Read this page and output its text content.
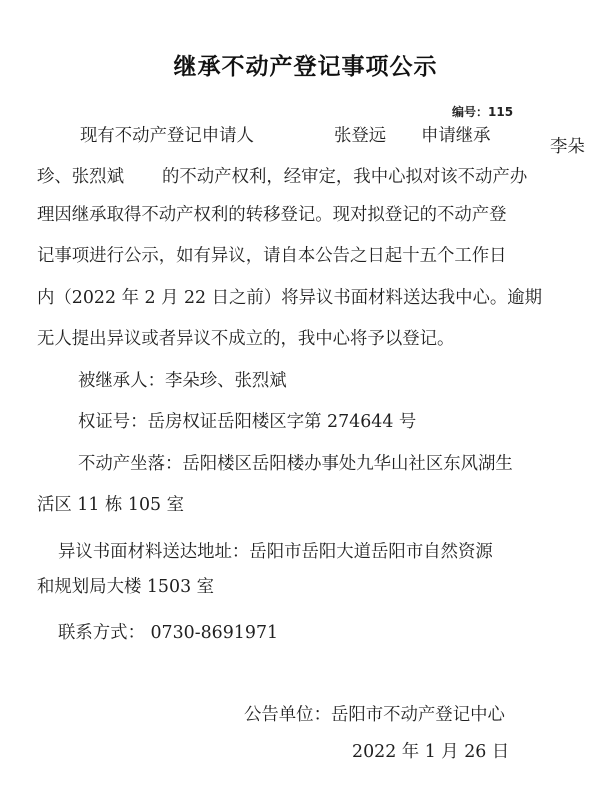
继承不动产登记事项公示
编号：115
现有不动产登记申请人	张登远 申请继承
李朵
珍、张烈斌 的不动产权利，经审定，我中心拟对该不动产办
理因继承取得不动产权利的转移登记。现对拟登记的不动产登
记事项进行公示，如有异议，请自本公告之日起十五个工作日
内（2022 年 2 月 22 日之前）将异议书面材料送达我中心。逾期
无人提出异议或者异议不成立的，我中心将予以登记。
被继承人：李朵珍、张烈斌
权证号：岳房权证岳阳楼区字第 274644 号
不动产坐落：岳阳楼区岳阳楼办事处九华山社区东风湖生
活区 11 栋 105 室
异议书面材料送达地址：岳阳市岳阳大道岳阳市自然资源
和规划局大楼 1503 室
联系方式： 0730-8691971
公告单位：岳阳市不动产登记中心
2022 年 1 月 26 日
